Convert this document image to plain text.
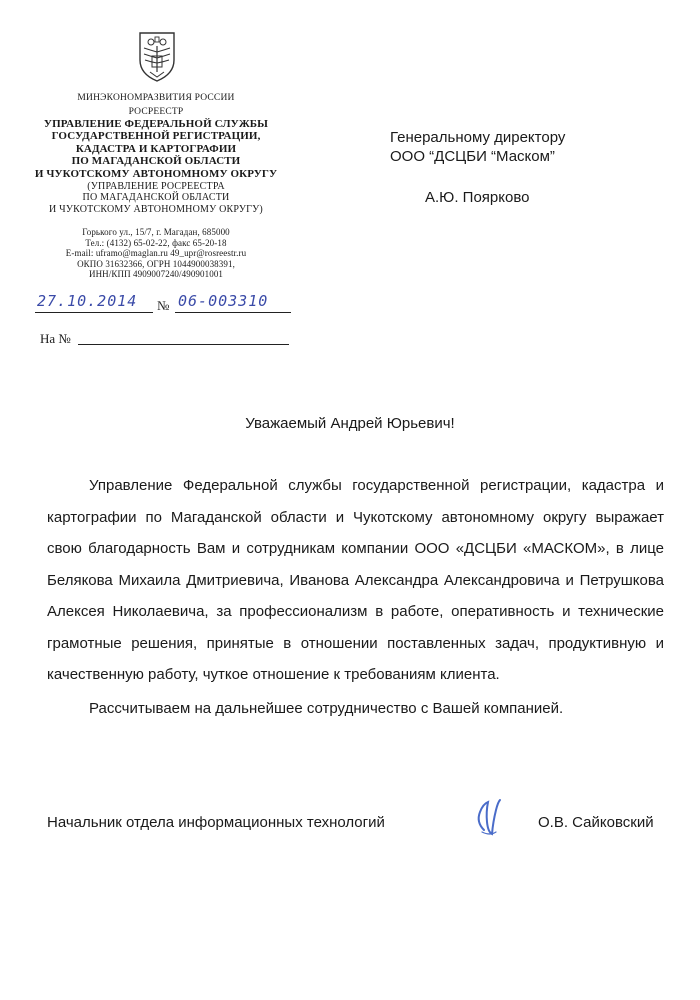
МИНЭКОНОМРАЗВИТИЯ РОССИИ
РОСРЕЕСТР
УПРАВЛЕНИЕ ФЕДЕРАЛЬНОЙ СЛУЖБЫ
ГОСУДАРСТВЕННОЙ РЕГИСТРАЦИИ,
КАДАСТРА И КАРТОГРАФИИ
ПО МАГАДАНСКОЙ ОБЛАСТИ
И ЧУКОТСКОМУ АВТОНОМНОМУ ОКРУГУ
(УПРАВЛЕНИЕ РОСРЕЕСТРА
ПО МАГАДАНСКОЙ ОБЛАСТИ
И ЧУКОТСКОМУ АВТОНОМНОМУ ОКРУГУ)
Горького ул., 15/7, г. Магадан, 685000
Тел.: (4132) 65-02-22, факс 65-20-18
E-mail: uframo@maglan.ru 49_upr@rosreestr.ru
ОКПО 31632366, ОГРН 1044900038391,
ИНН/КПП 4909007240/490901001
27.10.2014 № 06-003310
На №
Генеральному директору
ООО “ДСЦБИ “Маском”
А.Ю. Поярково
Уважаемый Андрей Юрьевич!

Управление Федеральной службы государственной регистрации, кадастра и картографии по Магаданской области и Чукотскому автономному округу выражает свою благодарность Вам и сотрудникам компании ООО «ДСЦБИ «МАСКОМ», в лице Белякова Михаила Дмитриевича, Иванова Александра Александровича и Петрушкова Алексея Николаевича, за профессионализм в работе, оперативность и технические грамотные решения, принятые в отношении поставленных задач, продуктивную и качественную работу, чуткое отношение к требованиям клиента.

Рассчитываем на дальнейшее сотрудничество с Вашей компанией.

Начальник отдела информационных технологий	О.В. Сайковский
